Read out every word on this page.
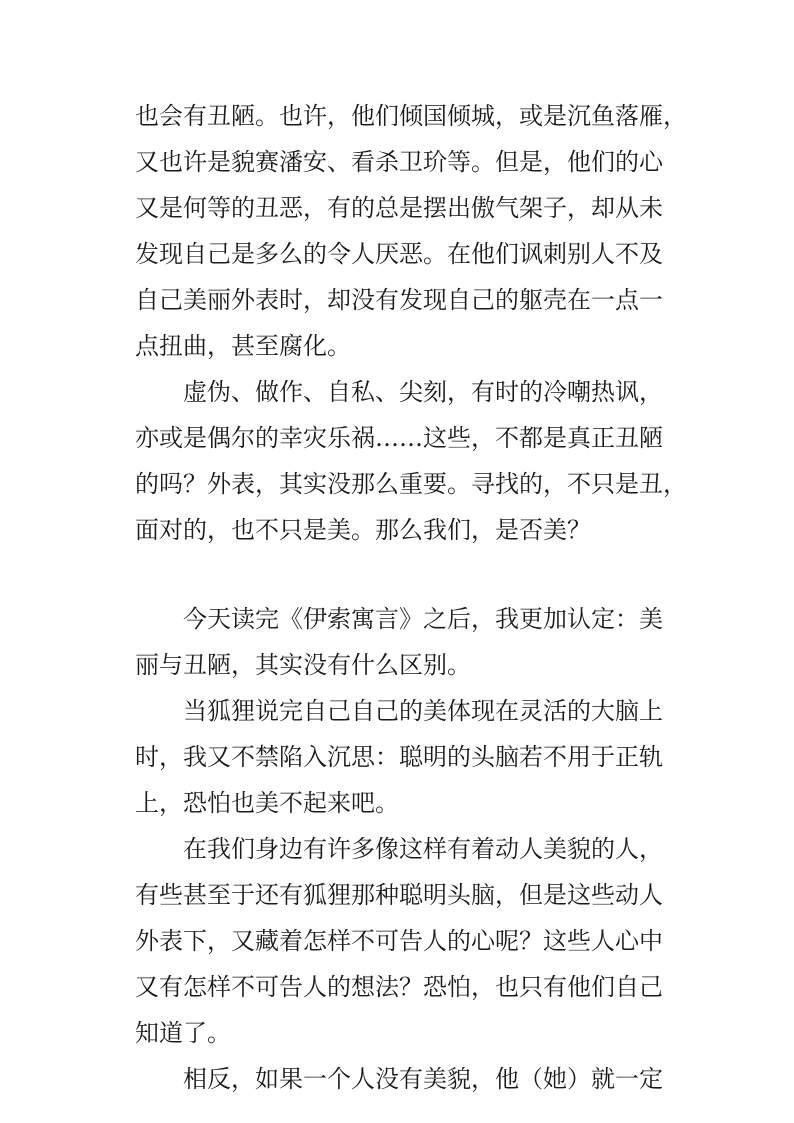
也会有丑陋。也许，他们倾国倾城，或是沉鱼落雁，

又也许是貌赛潘安、看杀卫玠等。但是，他们的心

又是何等的丑恶，有的总是摆出傲气架子，却从未

发现自己是多么的令人厌恶。在他们讽刺别人不及

自己美丽外表时，却没有发现自己的躯壳在一点一

点扭曲，甚至腐化。

虚伪、做作、自私、尖刻，有时的冷嘲热讽，

亦或是偶尔的幸灾乐祸……这些，不都是真正丑陋

的吗？外表，其实没那么重要。寻找的，不只是丑，

面对的，也不只是美。那么我们，是否美？

今天读完《伊索寓言》之后，我更加认定：美

丽与丑陋，其实没有什么区别。

当狐狸说完自己自己的美体现在灵活的大脑上

时，我又不禁陷入沉思：聪明的头脑若不用于正轨

上，恐怕也美不起来吧。

在我们身边有许多像这样有着动人美貌的人，

有些甚至于还有狐狸那种聪明头脑，但是这些动人

外表下，又藏着怎样不可告人的心呢？这些人心中

又有怎样不可告人的想法？恐怕，也只有他们自己

知道了。

相反，如果一个人没有美貌，他（她）就一定
